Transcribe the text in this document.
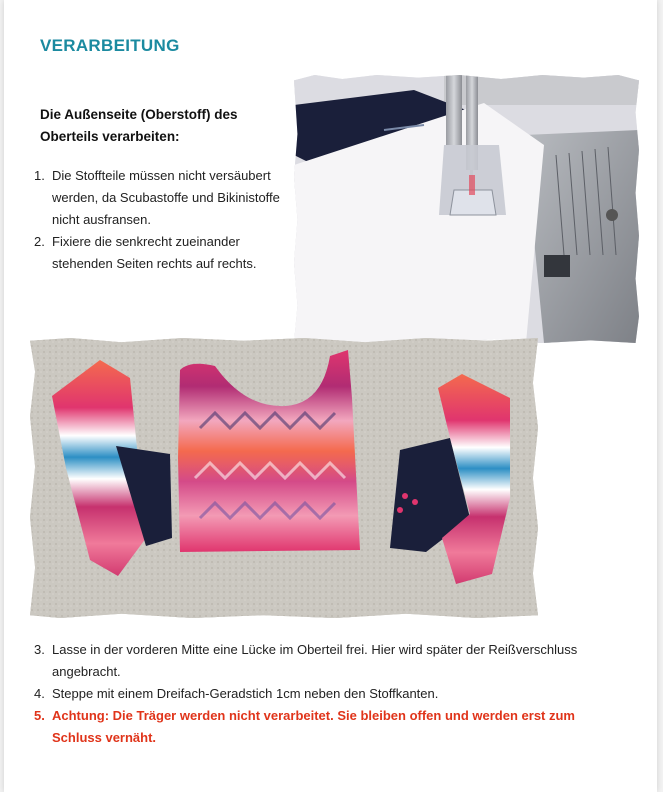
VERARBEITUNG
Die Außenseite (Oberstoff) des Oberteils verarbeiten:
1. Die Stoffteile müssen nicht versäubert werden, da Scubastoffe und Bikinistoffe nicht ausfransen.
2. Fixiere die senkrecht zueinander stehenden Seiten rechts auf rechts.
3. Lasse in der vorderen Mitte eine Lücke im Oberteil frei. Hier wird später der Reißverschluss angebracht.
4. Steppe mit einem Dreifach-Geradstich 1cm neben den Stoffkanten.
5. Achtung: Die Träger werden nicht verarbeitet. Sie bleiben offen und werden erst zum Schluss vernäht.
